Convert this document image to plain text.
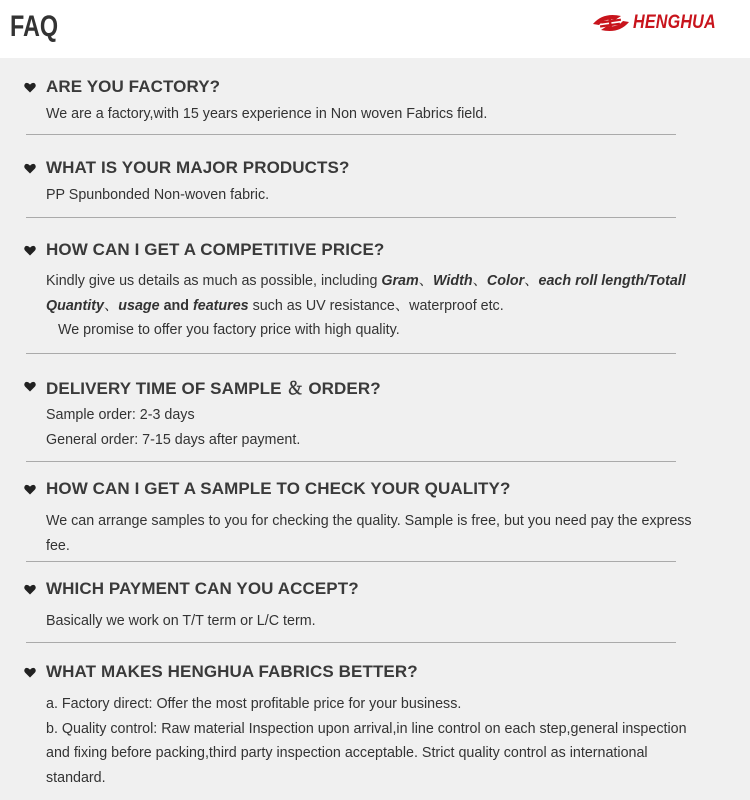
FAQ	HENGHUA
ARE YOU FACTORY?

We are a factory,with 15 years experience in Non woven Fabrics field.

WHAT IS YOUR MAJOR PRODUCTS?

PP Spunbonded Non-woven fabric.

HOW CAN I GET A COMPETITIVE PRICE?

Kindly give us details as much as possible, including Gram、Width、Color、each roll length/Totall Quantity、usage and features such as UV resistance、waterproof etc.

We promise to offer you factory price with high quality.

DELIVERY TIME OF SAMPLE ＆ ORDER?

Sample order: 2-3 days

General order: 7-15 days after payment.

HOW CAN I GET A SAMPLE TO CHECK YOUR QUALITY?

We can arrange samples to you for checking the quality. Sample is free, but you need pay the express fee.

WHICH PAYMENT CAN YOU ACCEPT?

Basically we work on T/T term or L/C term.

WHAT MAKES HENGHUA FABRICS BETTER?

a. Factory direct: Offer the most profitable price for your business.

b. Quality control: Raw material Inspection upon arrival,in line control on each step,general inspection and fixing before packing,third party inspection acceptable. Strict quality control as international standard.
